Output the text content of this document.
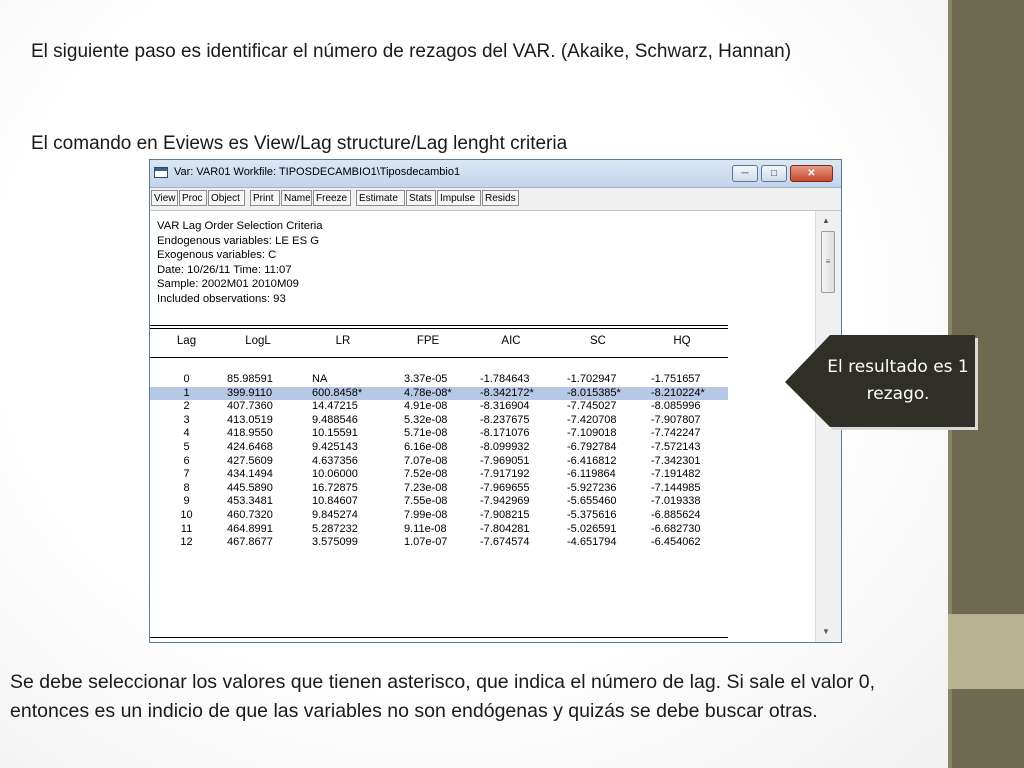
El siguiente paso es identificar el número de rezagos del VAR. (Akaike, Schwarz, Hannan)
El comando en Eviews es View/Lag structure/Lag lenght criteria
Var: VAR01 Workfile: TIPOSDECAMBIO1\Tiposdecambio1	─	□	✕
View Proc Object	Print	Name Freeze	Estimate	Stats Impulse Resids
VAR Lag Order Selection Criteria
Endogenous variables: LE ES G
Exogenous variables: C
Date: 10/26/11 Time: 11:07
Sample: 2002M01 2010M09
Included observations: 93
Lag	LogL	LR	FPE	AIC	SC	HQ
0	85.98591	NA	3.37e-05	-1.784643	-1.702947	-1.751657
1	399.9110	600.8458*	4.78e-08*	-8.342172*	-8.015385*	-8.210224*
2	407.7360	14.47215	4.91e-08	-8.316904	-7.745027	-8.085996
3	413.0519	9.488546	5.32e-08	-8.237675	-7.420708	-7.907807
4	418.9550	10.15591	5.71e-08	-8.171076	-7.109018	-7.742247
5	424.6468	9.425143	6.16e-08	-8.099932	-6.792784	-7.572143
6	427.5609	4.637356	7.07e-08	-7.969051	-6.416812	-7.342301
7	434.1494	10.06000	7.52e-08	-7.917192	-6.119864	-7.191482
8	445.5890	16.72875	7.23e-08	-7.969655	-5.927236	-7.144985
9	453.3481	10.84607	7.55e-08	-7.942969	-5.655460	-7.019338
10	460.7320	9.845274	7.99e-08	-7.908215	-5.375616	-6.885624
11	464.8991	5.287232	9.11e-08	-7.804281	-5.026591	-6.682730
12	467.8677	3.575099	1.07e-07	-7.674574	-4.651794	-6.454062
▲
≡
▼
El resultado es 1 rezago.
Se debe seleccionar los valores que tienen asterisco, que indica el número de lag. Si sale el valor 0, entonces es un indicio de que las variables no son endógenas y quizás se debe buscar otras.
